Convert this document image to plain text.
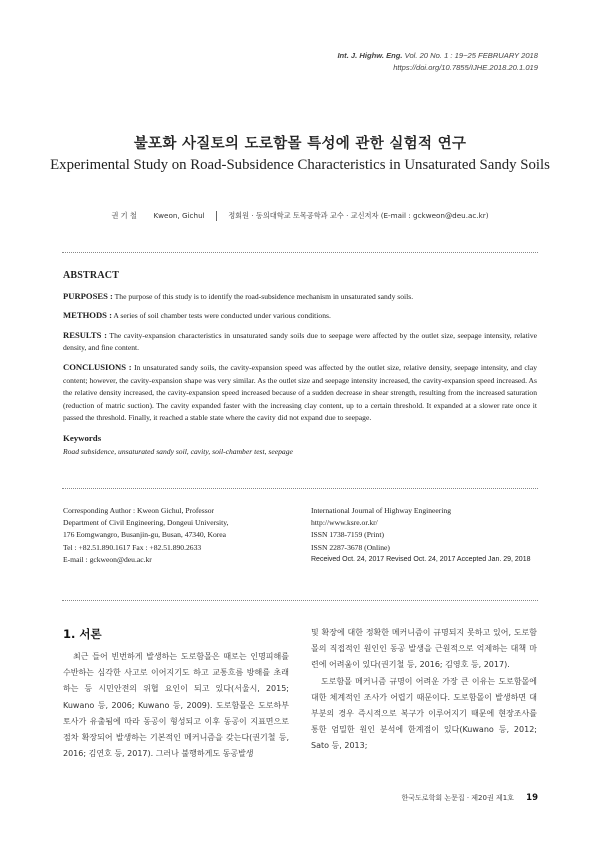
Int. J. Highw. Eng. Vol. 20 No. 1 : 19~25 FEBRUARY 2018
https://doi.org/10.7855/IJHE.2018.20.1.019
불포화 사질토의 도로함몰 특성에 관한 실험적 연구
Experimental Study on Road-Subsidence Characteristics in Unsaturated Sandy Soils
권 기 철 Kweon, Gichul	정회원 · 동의대학교 토목공학과 교수 · 교신저자 (E-mail : gckweon@deu.ac.kr)
ABSTRACT

PURPOSES : The purpose of this study is to identify the road-subsidence mechanism in unsaturated sandy soils.

METHODS : A series of soil chamber tests were conducted under various conditions.

RESULTS : The cavity-expansion characteristics in unsaturated sandy soils due to seepage were affected by the outlet size, seepage intensity, relative density, and fine content.

CONCLUSIONS : In unsaturated sandy soils, the cavity-expansion speed was affected by the outlet size, relative density, seepage intensity, and clay content; however, the cavity-expansion shape was very similar. As the outlet size and seepage intensity increased, the cavity-expansion speed increased. As the relative density increased, the cavity-expansion speed increased because of a sudden decrease in shear strength, resulting from the increased saturation (reduction of matric suction). The cavity expanded faster with the increasing clay content, up to a certain threshold. It expanded at a slower rate once it passed the threshold. Finally, it reached a stable state where the cavity did not expand due to seepage.

Keywords

Road subsidence, unsaturated sandy soil, cavity, soil-chamber test, seepage

Corresponding Author : Kweon Gichul, Professor
Department of Civil Engineering, Dongeui University,
176 Eomgwangro, Busanjin-gu, Busan, 47340, Korea
Tel : +82.51.890.1617 Fax : +82.51.890.2633
E-mail : gckweon@deu.ac.kr
International Journal of Highway Engineering
http://www.ksre.or.kr/
ISSN 1738-7159 (Print)
ISSN 2287-3678 (Online)
Received Oct. 24, 2017 Revised Oct. 24, 2017 Accepted Jan. 29, 2018
1. 서론

최근 들어 빈번하게 발생하는 도로함몰은 때로는 인명피해를 수반하는 심각한 사고로 이어지기도 하고 교통흐름 방해를 초래하는 등 시민안전의 위협 요인이 되고 있다(서울시, 2015; Kuwano 등, 2006; Kuwano 등, 2009). 도로함몰은 도로하부 토사가 유출됨에 따라 동공이 형성되고 이후 동공이 지표면으로 점차 확장되어 발생하는 기본적인 메커니즘을 갖는다(권기철 등, 2016; 김연호 등, 2017). 그러나 불행하게도 동공발생

및 확장에 대한 정확한 메커니즘이 규명되지 못하고 있어, 도로함몰의 직접적인 원인인 동공 발생을 근원적으로 억제하는 대책 마련에 어려움이 있다(권기철 등, 2016; 김영호 등, 2017).

도로함몰 메커니즘 규명이 어려운 가장 큰 이유는 도로함몰에 대한 체계적인 조사가 어렵기 때문이다. 도로함몰이 발생하면 대부분의 경우 즉시적으로 복구가 이루어지기 때문에 현장조사를 통한 엄밀한 원인 분석에 한계점이 있다(Kuwano 등, 2012; Sato 등, 2013;

한국도로학회 논문집 · 제20권 제1호 19
